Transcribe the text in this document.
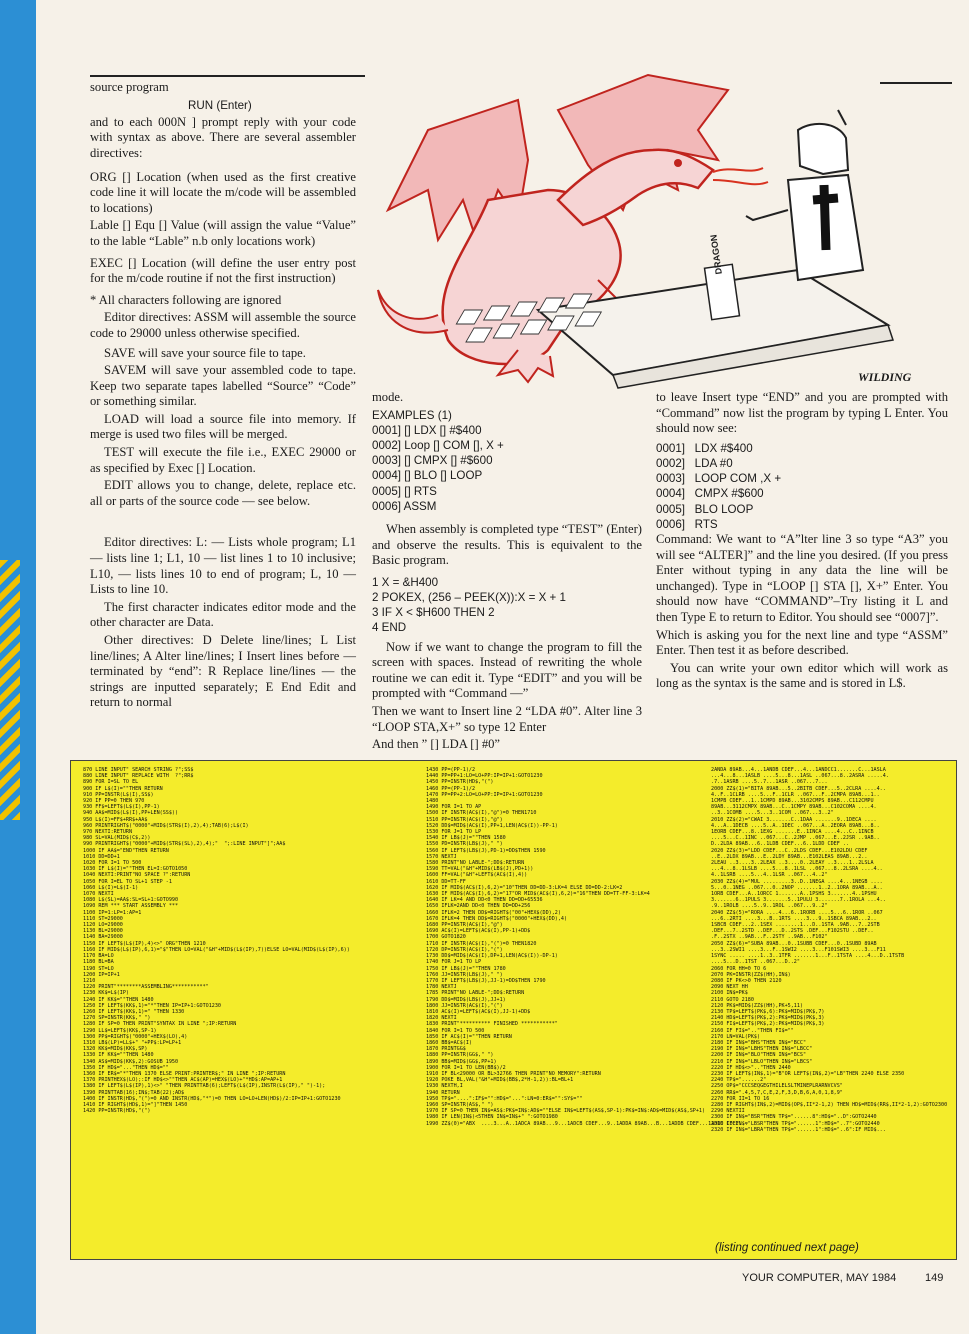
source program

RUN (Enter)

and to each 000N ] prompt reply with your code with syntax as above. There are several assembler directives:

ORG [] Location (when used as the first creative code line it will locate the m/code will be assembled to locations)

Lable [] Equ [] Value (will assign the value “Value” to the lable “Lable” n.b only locations work)

EXEC [] Location (will define the user entry post for the m/code routine if not the first instruction)

* All characters following are ignored

Editor directives: ASSM will assemble the source code to 29000 unless otherwise specified.

SAVE will save your source file to tape.

SAVEM will save your assembled code to tape. Keep two separate tapes labelled “Source” “Code” or something similar.

LOAD will load a source file into memory. If merge is used two files will be merged.

TEST will execute the file i.e., EXEC 29000 or as specified by Exec [] Location.

EDIT allows you to change, delete, replace etc. all or parts of the source code — see below.

Editor directives: L: — Lists whole program; L1 — lists line 1; L1, 10 — list lines 1 to 10 inclusive; L10, — lists lines 10 to end of program; L, 10 — Lists to line 10.

The first character indicates editor mode and the other character are Data.

Other directives: D Delete line/lines; L List line/lines; A Alter line/lines; I Insert lines before — terminated by “end”: R Replace line/lines — the strings are inputted separately; E End Edit and return to normal

DRAGON
WILDING

mode.

EXAMPLES (1)
0001] [] LDX [] #$400
0002] Loop [] COM [], X +
0003] [] CMPX [] #$600
0004] [] BLO [] LOOP
0005] [] RTS
0006] ASSM

When assembly is completed type “TEST” (Enter) and observe the results. This is equivalent to the Basic program.

1 X = &H400
2 POKEX, (256 – PEEK(X)):X = X + 1
3 IF X < $H600 THEN 2
4 END

Now if we want to change the program to fill the screen with spaces. Instead of rewriting the whole routine we can edit it. Type “EDIT” and you will be prompted with “Command —”

Then we want to Insert line 2 “LDA #0”. Alter line 3 “LOOP STA,X+” so type 12 Enter

And then ” [] LDA [] #0”

to leave Insert type “END” and you are prompted with “Command” now list the program by typing L Enter. You should now see:

0001]   LDX #$400
0002]   LDA #0
0003]   LOOP COM ,X +
0004]   CMPX #$600
0005]   BLO LOOP
0006]   RTS

Command: We want to “A”lter line 3 so type “A3” you will see “ALTER]” and the line you desired. (If you press Enter without typing in any data the line will be unchanged). Type in “LOOP [] STA [], X+” Enter. You should now have “COMMAND”–Try listing it L and then Type E to return to Editor. You should see “0007]”.

Which is asking you for the next line and type “ASSM” Enter. Then test it as before described.

You can write your own editor which will work as long as the syntax is the same and is stored in L$.

870 LINE INPUT" SEARCH STRING ?";SS$
880 LINE INPUT" REPLACE WITH  ?";RR$
890 FOR I=SL TO EL
900 IF L$(I)=""THEN RETURN
910 PP=INSTR(L$(I),SS$)
920 IF PP=0 THEN 970
930 FF$=LEFT$(L$(I),PP-1)
940 AA$=MID$(L$(I),PP+LEN(SS$))
950 L$(I)=FF$+RR$+AA$
960 PRINTRIGHT$("0000"+MID$(STR$(I),2),4);TAB(6);L$(I)
970 NEXTI:RETURN
980 SL=VAL(MID$(C$,2))
990 PRINTRIGHT$("0000"+MID$(STR$(SL),2),4);"  ";:LINE INPUT"]";AA$
1000 IF AA$="END"THEN RETURN
1010 DD=DD+1
1020 FOR I=1 TO 500
1030 IF L$(I)=""THEN EL=I:GOTO1050
1040 NEXTI:PRINT"NO SPACE ?":RETURN
1050 FOR I=EL TO SL+1 STEP -1
1060 L$(I)=L$(I-1)
1070 NEXTI
1080 L$(SL)=AA$:SL=SL+1:GOTO990
1090 REM *** START ASSEMBLY ***
1100 IP=1:LP=1:AP=1
1110 ST=29000
1120 LO=29000
1130 BL=29000
1140 BA=29000
1150 IF LEFT$(L$(IP),4)<>" ORG"THEN 1210
1160 IF MID$(L$(IP),6,1)="$"THEN LO=VAL("&H"+MID$(L$(IP),7))ELSE LO=VAL(MID$(L$(IP),6))
1170 BA=LO
1180 BL=BA
1190 ST=LO
1200 IP=IP+1
1210
1220 PRINT"********ASSEMBLING***********"
1230 KK$=L$(IP)
1240 IF KK$=""THEN 1480
1250 IF LEFT$(KK$,1)="*"THEN IP=IP+1:GOTO1230
1260 IF LEFT$(KK$,1)=" "THEN 1330
1270 SP=INSTR(KK$," ")
1280 IF SP=0 THEN PRINT"SYNTAX IN LINE ";IP:RETURN
1290 LL$=LEFT$(KK$,SP-1)
1300 PP$=RIGHT$("0000"+HEX$(LO),4)
1310 LB$(LP)=LL$+" "+PP$:LP=LP+1
1320 KK$=MID$(KK$,SP)
1330 IF KK$=""THEN 1480
1340 AS$=MID$(KK$,2):GOSUB 1950
1350 IF HD$="..."THEN HD$=""
1360 IF ER$="*"THEN 1370 ELSE PRINT:PRINTER$;" IN LINE ";IP:RETURN
1370 PRINTHEX$(LO);:IF HD$<>""THEN AC$(AP)=HEX$(LO)+"*HD$:AP=AP+1
1380 IF LEFT$(L$(IP),1)<>" "THEN PRINTTAB(6);LEFT$(L$(IP),INSTR(L$(IP)," ")-1);
1390 PRINTTAB(16);IN$;TAB(22);AD$
1400 IF INSTR(HD$,"(")=0 AND INSTR(HD$,"*")=0 THEN LO=LO+LEN(HD$)/2:IP=IP+1:GOTO1230
1410 IF RIGHT$(HD$,1)="]"THEN 1450
1420 PP=INSTR(HD$,"(")
1430 PP=(PP-1)/2
1440 PP=PP+1:LO=LO+PP:IP=IP+1:GOTO1230
1450 PP=INSTR(HD$,"(")
1460 PP=(PP-1)/2
1470 PP=PP+2:LO=LO+PP:IP=IP+1:GOTO1230
1480
1490 FOR I=1 TO AP
1500 IF INSTR(AC$(I),"@")=0 THEN1710
1510 PP=INSTR(AC$(I),"@")
1520 DD$=MID$(AC$(I),PP+1,LEN(AC$(I))-PP-1)
1530 FOR J=1 TO LP
1540 IF LB$(J)=""THEN 1580
1550 PD=INSTR(LB$(J)," ")
1560 IF LEFT$(LB$(J),PD-1)=DD$THEN 1590
1570 NEXTJ
1580 PRINT"NO LABLE-";DD$:RETURN
1590 TT=VAL("&H"+MID$(LB$(J),PD+1))
1600 FF=VAL("&H"+LEFT$(AC$(I),4))
1610 DD=TT-FF
1620 IF MID$(AC$(I),6,2)="10"THEN DD=DD-3:LK=4 ELSE DD=DD-2:LK=2
1630 IF MID$(AC$(I),6,2)="17"OR MID$(AC$(I),6,2)="16"THEN DD=TT-FF-3:LK=4
1640 IF LK=4 AND DD<0 THEN DD=DD+65536
1650 IFLK=2AND DD<0 THEN DD=DD+256
1660 IFLK=2 THEN DD$=RIGHT$("00"+HEX$(DD),2)
1670 IFLK=4 THEN DD$=RIGHT$("0000"+HEX$(DD),4)
1680 PP=INSTR(AC$(I),"@")
1690 AC$(I)=LEFT$(AC$(I),PP-1)+DD$
1700 GOTO1820
1710 IF INSTR(AC$(I),"(")=0 THEN1820
1720 DP=INSTR(AC$(I),"(")
1730 DD$=MID$(AC$(I),DP+1,LEN(AC$(I))-DP-1)
1740 FOR J=1 TO LP
1750 IF LB$(J)=""THEN 1780
1760 JJ=INSTR(LB$(J)," ")
1770 IF LEFT$(LB$(J),JJ-1)=DD$THEN 1790
1780 NEXTJ
1785 PRINT"NO LABLE-";DD$:RETURN
1790 DD$=MID$(LB$(J),JJ+1)
1800 JJ=INSTR(AC$(I),"(")
1810 AC$(I)=LEFT$(AC$(I),JJ-1)+DD$
1820 NEXTI
1830 PRINT"********** FINISHED ***********"
1840 FOR I=1 TO 500
1850 IF AC$(I)=""THEN RETURN
1860 BB$=AC$(I)
1870 PRINTGG$
1880 PP=INSTR(GG$," ")
1890 BB$=MID$(GG$,PP+1)
1900 FOR I=1 TO LEN(BB$)/2
1910 IF BL<29000 OR BL>32766 THEN PRINT"NO MEMORY":RETURN
1920 POKE BL,VAL("&H"+MID$(BB$,2*H-1,2)):BL=BL+1
1930 NEXTH,I
1940 RETURN
1950 TP$="....":IF$="":HD$="...":LN=0:ER$="":SY$=""
1960 SP=INSTR(AS$," ")
1970 IF SP=0 THEN IN$=AS$:PK$=IN$:AD$=""ELSE IN$=LEFT$(AS$,SP-1):PK$=IN$:AD$=MID$(AS$,SP+1)
1980 IF LEN(IN$)<5THEN IN$=IN$+" ":GOTO1980
1990 ZZ$(0)="ABX  ....3...A..1ADCA 89AB...9...1ADCB CDEF...9..1ADDA 89AB...B...1ADDB CDEF...1ADDD CDEF...
2ANDA 89AB...4...1ANDB CDEF...4...1ANDCC1.......C...1ASLA
...4...8...1ASLB ....5...8...1ASL ..067...8..2ASRA .....4.
.7..1ASRB ....5..7...1ASR ..067...7...
2000 ZZ$(1)="BITA 89AB...5..2BITB CDEF...5..2CLRA ....4..
4..F..1CLRB ....5...F..1CLR ..067...F..2CMPA 89AB...1..
1CMPB CDEF...1..1CMPD 89AB...3102CMPS 89AB...C112CMPU
89AB...3112CMPX 89AB...C..1CMPY 89AB...C102COMA ....4.
..3..1COMB ....5...3..1COM ..067...3..2"
2010 ZZ$(2)="CWAI 3.......C..1DAA .......9..1DECA ....
4...A..1DECB ....5..A..1DEC ..067...A..2EORA 89AB...8..
1EORB CDEF...8..1EXG .......E..1INCA ....4...C..1INCB
....5...C..1INC ..067...C..2JMP ..067...E..2JSR ..9AB..
D..2LDA 89AB...6..1LDB CDEF...6..1LDD CDEF ..
2020 ZZ$(3)="LDD CDEF...C..2LDS CDEF...E102LDU CDEF
..E..2LDX 89AB...E..2LDY 89AB...E102LEAS 89AB...2..
2LEAU ..3....3..2LEAX ..3....0..2LEAY ..3....1..2LSLA
...4...8..1LSLB ....5...8..1LSL ..067...8..2LSRA ....4..
4..1LSRB ....5...4..1LSR ..067...4..2"
2030 ZZ$(4)="MUL .........3..D..1NEGA ....4...1NEGB ....
5...0..1NEG ..067...0..2NOP .......1..2..1ORA 89AB...A..
1ORB CDEF...A..1ORCC 1.......A..1PSHS 3.......4..1PSHU
3.......6..1PULS 3.......5..1PULU 3.......7..1ROLA ...4..
.9..1ROLB ....5..9..1ROL ..067...9..2"
2040 ZZ$(5)="RORA ....4...6..1RORB ....5...6..1ROR ..067
...6..2RTI ....3...B..1RTS ....3...9..1SBCA 89AB...2..
1SBCB CDEF...2..1SEX ........1...D..1STA .9AB...7..2STB
.DEF...7..2STD ..DEF...D..2STS .DEF...F102STU ..DEF..
.F..2STX ..9AB...F..2STY ..9AB...F102"
2050 ZZ$(6)="SUBA 89AB...0..1SUBB CDEF...0..1SUBD 89AB
...3..2SWI1 ....3...F..1SWI2 ....3...F101SWI3 ....3...F11
1SYNC ..... ....1..3..1TFR .......1...F..1TSTA ....4...D..1TSTB
....5...D..1TST ..067...D..2"
2060 FOR HH=0 TO 6
2070 PK=INSTR(ZZ$(HH),IN$)
2080 IF PK<>0 THEN 2120
2090 NEXT HH
2100 IN$=PK$
2110 GOTO 2180
2120 PK$=MID$(ZZ$(HH),PK+5,11)
2130 TP$=LEFT$(PK$,6):PK$=MID$(PK$,7)
2140 HD$=LEFT$(PK$,2):PK$=MID$(PK$,3)
2150 FI$=LEFT$(PK$,2):PK$=MID$(PK$,3)
2160 IF FI$=".."THEN FI$=""
2170 LN=VAL(PK$)
2180 IF IN$="BHS"THEN IN$="BCC"
2190 IF IN$="LBHS"THEN IN$="LBCC"
2200 IF IN$="BLO"THEN IN$="BCS"
2210 IF IN$="LBLO"THEN IN$="LBCS"
2220 IF HD$<>".."THEN 2440
2230 IF LEFT$(IN$,1)="B"OR LEFT$(IN$,2)="LB"THEN 2240 ELSE 2350
2240 TP$="......2"
2250 OP$="CCCSEQGEGTHILELSLTMINEPLRARNVCVS"
2260 RR$=".4,5,7,C,E,2,F,3,D,B,6,A,0,1,8,9"
2270 FOR II=1 TO 16
2280 IF RIGHT$(IN$,2)=MID$(OP$,II*2-1,2) THEN HD$=MID$(RR$,II*2-1,2):GOTO2300
2290 NEXTII
2300 IF IN$="BSR"THEN TP$="......8":HD$="..D":GOTO2440
2310 IF IN$="LBSR"THEN TP$="......1":HD$="..7":GOTO2440
2320 IF IN$="LBRA"THEN TP$="......1":HD$="..6":IF MID$...
(listing continued next page)
YOUR COMPUTER, MAY 1984	149
